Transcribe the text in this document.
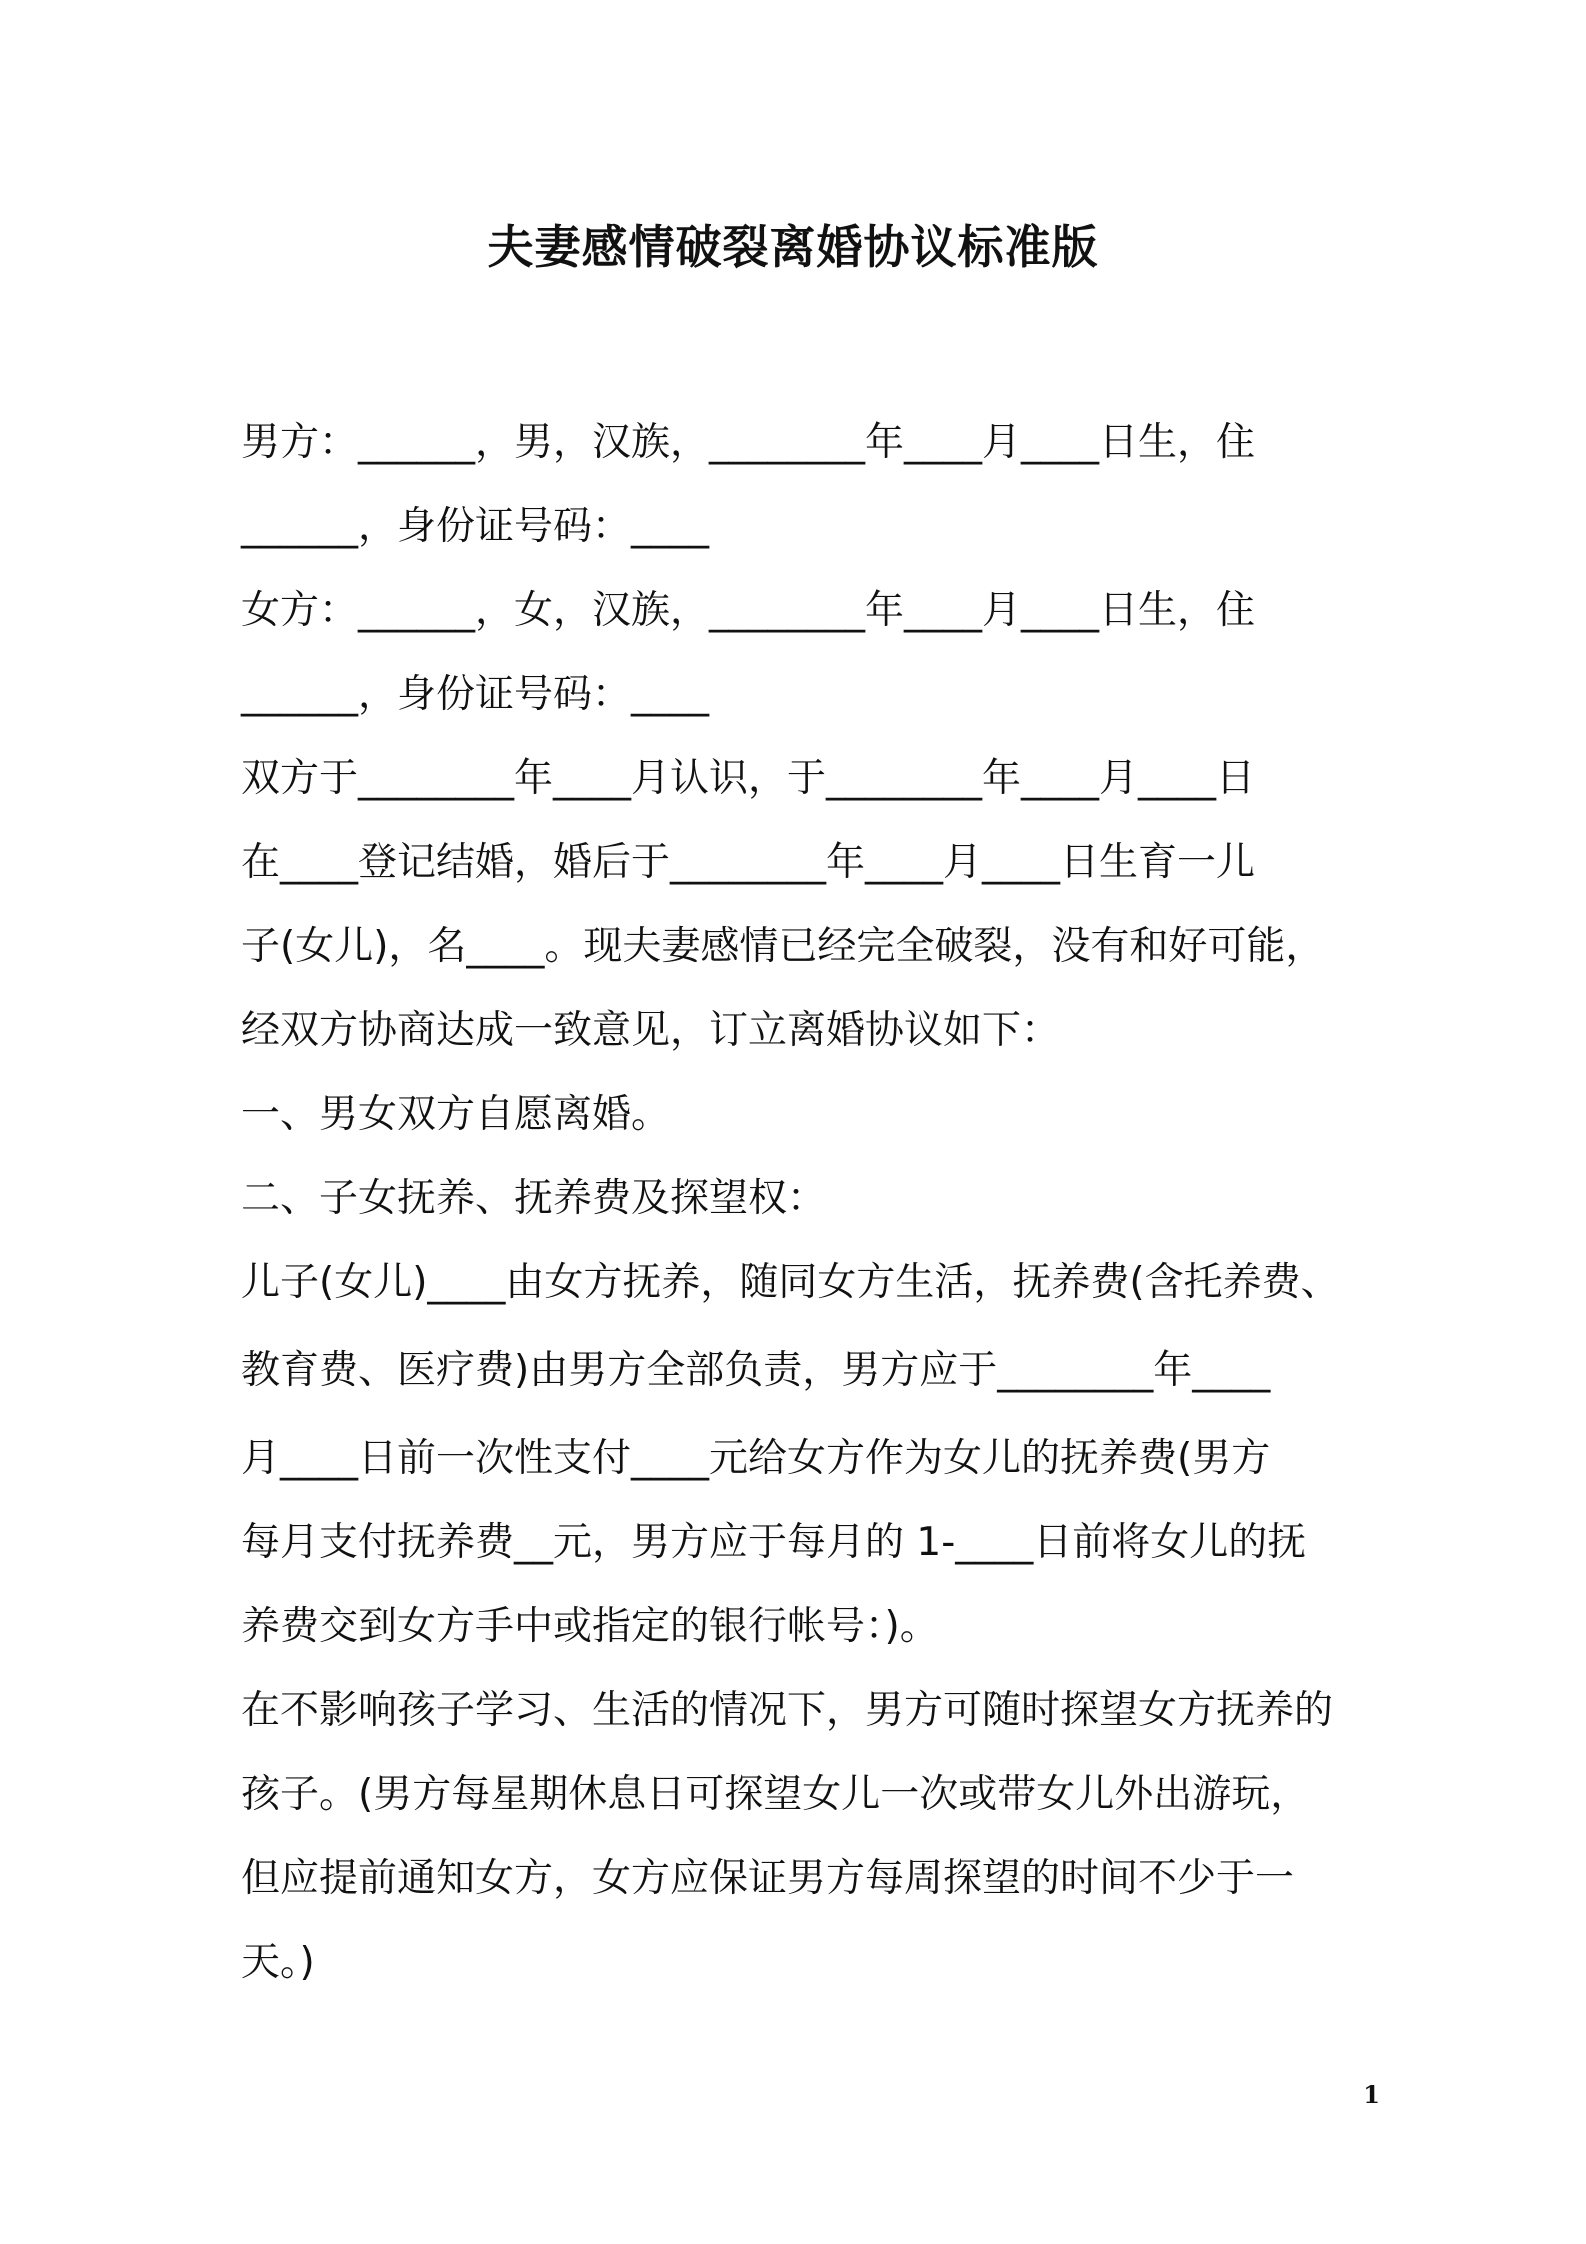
夫妻感情破裂离婚协议标准版
男方：______，男，汉族，________年____月____日生，住
______，身份证号码：____
女方：______，女，汉族，________年____月____日生，住
______，身份证号码：____
双方于________年____月认识，于________年____月____日
在____登记结婚，婚后于________年____月____日生育一儿
子(女儿)，名____。现夫妻感情已经完全破裂，没有和好可能，
经双方协商达成一致意见，订立离婚协议如下：
一、男女双方自愿离婚。
二、子女抚养、抚养费及探望权：
儿子(女儿)____由女方抚养，随同女方生活，抚养费(含托养费、
教育费、医疗费)由男方全部负责，男方应于________年____
月____日前一次性支付____元给女方作为女儿的抚养费(男方
每月支付抚养费__元，男方应于每月的 1-____日前将女儿的抚
养费交到女方手中或指定的银行帐号：)。
在不影响孩子学习、生活的情况下，男方可随时探望女方抚养的
孩子。(男方每星期休息日可探望女儿一次或带女儿外出游玩，
但应提前通知女方，女方应保证男方每周探望的时间不少于一
天。)
1
